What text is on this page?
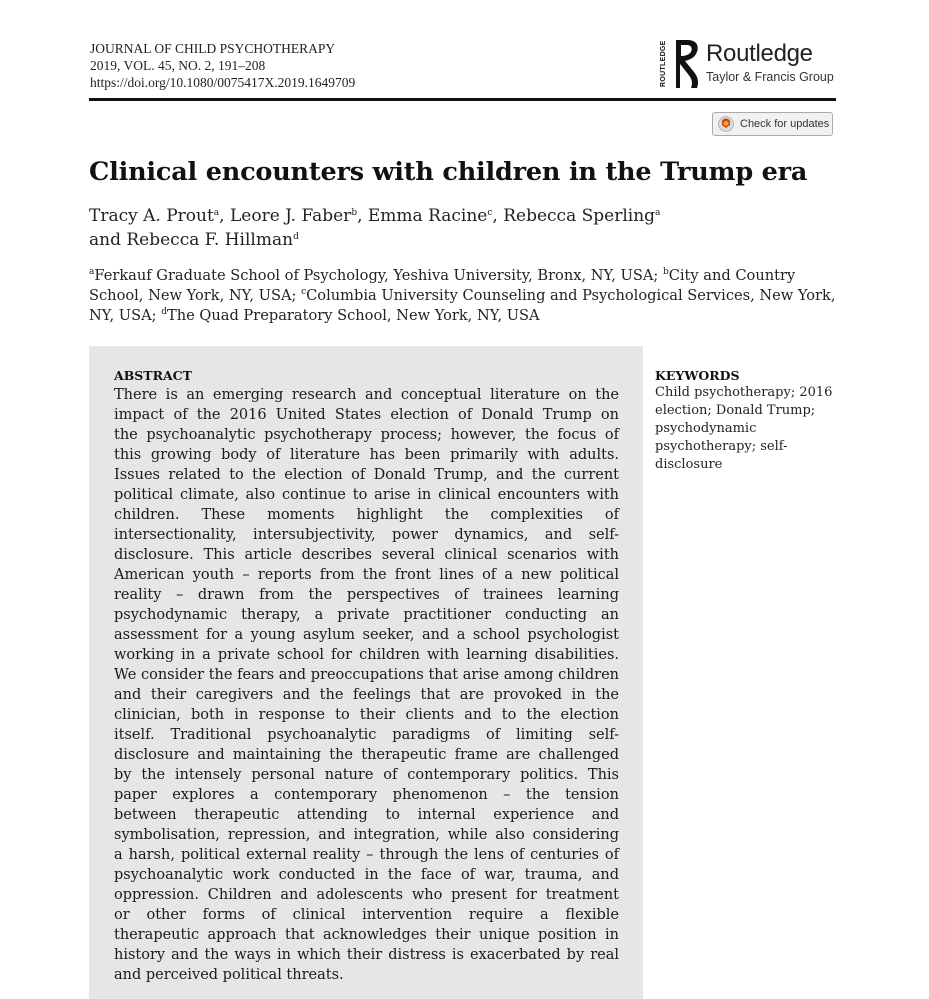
JOURNAL OF CHILD PSYCHOTHERAPY
2019, VOL. 45, NO. 2, 191–208
https://doi.org/10.1080/0075417X.2019.1649709	ROUTLEDGE Routledge
Taylor & Francis Group
Check for updates
Clinical encounters with children in the Trump era
Tracy A. Prout$^a$, Leore J. Faber$^b$, Emma Racine$^c$, Rebecca Sperling$^a$
and Rebecca F. Hillman$^d$
$^a$Ferkauf Graduate School of Psychology, Yeshiva University, Bronx, NY, USA; $^b$City and Country
School, New York, NY, USA; $^c$Columbia University Counseling and Psychological Services, New York,
NY, USA; $^d$The Quad Preparatory School, New York, NY, USA
ABSTRACT
There is an emerging research and conceptual literature on the
impact of the 2016 United States election of Donald Trump on
the psychoanalytic psychotherapy process; however, the focus of
this growing body of literature has been primarily with adults.
Issues related to the election of Donald Trump, and the current
political climate, also continue to arise in clinical encounters with
children. These moments highlight the complexities of
intersectionality, intersubjectivity, power dynamics, and self-
disclosure. This article describes several clinical scenarios with
American youth – reports from the front lines of a new political
reality – drawn from the perspectives of trainees learning
psychodynamic therapy, a private practitioner conducting an
assessment for a young asylum seeker, and a school psychologist
working in a private school for children with learning disabilities.
We consider the fears and preoccupations that arise among children
and their caregivers and the feelings that are provoked in the
clinician, both in response to their clients and to the election
itself. Traditional psychoanalytic paradigms of limiting self-
disclosure and maintaining the therapeutic frame are challenged
by the intensely personal nature of contemporary politics. This
paper explores a contemporary phenomenon – the tension
between therapeutic attending to internal experience and
symbolisation, repression, and integration, while also considering
a harsh, political external reality – through the lens of centuries of
psychoanalytic work conducted in the face of war, trauma, and
oppression. Children and adolescents who present for treatment
or other forms of clinical intervention require a flexible
therapeutic approach that acknowledges their unique position in
history and the ways in which their distress is exacerbated by real
and perceived political threats.
KEYWORDS
Child psychotherapy; 2016
election; Donald Trump;
psychodynamic
psychotherapy; self-
disclosure
